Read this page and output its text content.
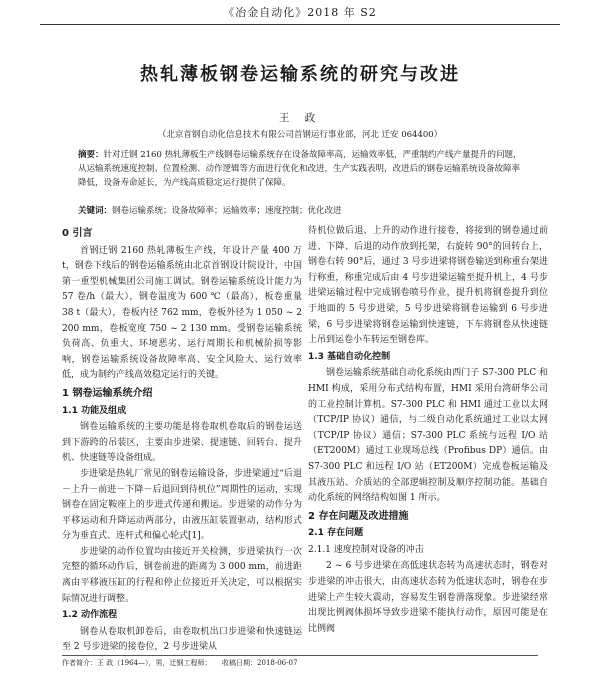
《冶金自动化》2018 年 S2
热轧薄板钢卷运输系统的研究与改进
王 政
（北京首钢自动化信息技术有限公司首钢运行事业部，河北 迁安 064400）
摘要：针对迁钢 2160 热轧薄板生产线钢卷运输系统存在设备故障率高，运输效率低，严重制约产线产量提升的问题，从运输系统速度控制、位置检测、动作逻辑等方面进行优化和改进，生产实践表明，改进后的钢卷运输系统设备故障率降低，设备寿命延长，为产线高质稳定运行提供了保障。
关键词：钢卷运输系统；设备故障率；运输效率；速度控制；优化改进
0 引言

首钢迁钢 2160 热轧薄板生产线，年设计产量 400 万 t，钢卷下线后的钢卷运输系统由北京首钢设计院设计，中国第一重型机械集团公司施工调试。钢卷运输系统设计能力为 57 卷/h（最大），钢卷温度为 600 ℃（最高），板卷重量 38 t（最大），卷板内径 762 mm，卷板外径为 1 050 ~ 2 200 mm，卷板宽度 750 ~ 2 130 mm。受钢卷运输系统负荷高、负重大、环境恶劣、运行周期长和机械阶损等影响，钢卷运输系统设备故障率高、安全风险大、运行效率低，成为制约产线高效稳定运行的关键。

1 钢卷运输系统介绍
1.1 功能及组成

钢卷运输系统的主要功能是将卷取机卷取后的钢卷运送到下游跨的吊装区，主要由步进梁、提速链、回转台、提升机、快速链等设备组成。

步进梁是热轧厂常见的钢卷运输设备，步进梁通过“后退－上升－前进－下降－后退回到待机位”周期性的运动，实现钢卷在固定鞍座上的步进式传递和搬运。步进梁的动作分为平移运动和升降运动两部分，由液压缸装置驱动，结构形式分为垂直式、连杆式和偏心轮式[1]。

步进梁的动作位置均由接近开关检测，步进梁执行一次完整的循环动作后，钢卷前进的距离为 3 000 mm，前进距离由平移液压缸的行程和停止位接近开关决定，可以根据实际情况进行调整。

1.2 动作流程

钢卷从卷取机卸卷后，由卷取机出口步进梁和快速链运至 2 号步进梁的接卷位，2 号步进梁从

待机位做后退、上升的动作进行接卷，将接到的钢卷通过前进、下降、后退的动作放到托架，右旋转 90°的回转台上，钢卷右转 90°后，通过 3 号步进梁将钢卷输送到称重台架进行称重，称重完成后由 4 号步进梁运输至提升机上，4 号步进梁运输过程中完成钢卷喷号作业，提升机将钢卷提升到位于地面的 5 号步进梁，5 号步进梁将钢卷运输到 6 号步进梁，6 号步进梁将钢卷运输到快速链，下车将钢卷从快速链上吊到运卷小车转运至钢卷库。

1.3 基础自动化控制

钢卷运输系统基础自动化系统由西门子 S7-300 PLC 和 HMI 构成，采用分布式结构布置，HMI 采用台湾研华公司的工业控制计算机。S7-300 PLC 和 HMI 通过工业以太网（TCP/IP 协议）通信，与二级自动化系统通过工业以太网（TCP/IP 协议）通信；S7-300 PLC 系统与远程 I/O 站（ET200M）通过工业现场总线（Profibus DP）通信。由 S7-300 PLC 和远程 I/O 站（ET200M）完成卷板运输及其液压站、介质站的全部逻辑控制及顺序控制功能。基础自动化系统的网络结构如图 1 所示。

2 存在问题及改进措施
2.1 存在问题
2.1.1 速度控制对设备的冲击

2 ~ 6 号步进梁在高低速状态转为高速状态时，钢卷对步进梁的冲击很大，由高速状态转为低速状态时，钢卷在步进梁上产生较大震动，容易发生钢卷滑落现象。步进梁经常出现比例阀体损坏导致步进梁不能执行动作，原因可能是在比例阀

作者简介：王 政（1964—），男，迁钢工程师；　　收稿日期：2018-06-07
